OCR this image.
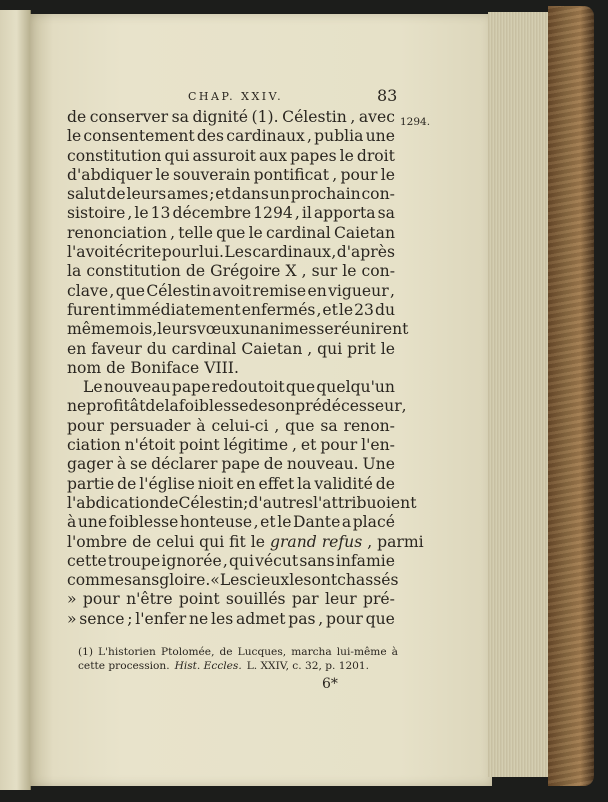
CHAP. XXIV.	83
1294.
de conserver sa dignité (1). Célestin , avec
le consentement des cardinaux , publia une
constitution qui assuroit aux papes le droit
d'abdiquer le souverain pontificat , pour le
salut de leurs ames ; et dans un prochain con-
sistoire , le 13 décembre 1294 , il apporta sa
renonciation , telle que le cardinal Caietan
l'avoit écrite pour lui. Les cardinaux , d'après
la constitution de Grégoire X , sur le con-
clave , que Célestin avoit remise en vigueur ,
furent immédiatement enfermés , et le 23 du
même mois , leurs vœux unanimes se réunirent
en faveur du cardinal Caietan , qui prit le
nom de Boniface VIII.
Le nouveau pape redoutoit que quelqu'un
ne profitât de la foiblesse de son prédécesseur ,
pour persuader à celui-ci , que sa renon-
ciation n'étoit point légitime , et pour l'en-
gager à se déclarer pape de nouveau. Une
partie de l'église nioit en effet la validité de
l'abdication de Célestin ; d'autres l'attribuoient
à une foiblesse honteuse , et le Dante a placé
l'ombre de celui qui fit le grand refus , parmi
cette troupe ignorée , qui vécut sans infamie
comme sans gloire. « Les cieux les ont chassés
» pour n'être point souillés par leur pré-
» sence ; l'enfer ne les admet pas , pour que
(1) L'historien Ptolomée, de Lucques, marcha lui-même à
cette procession. Hist. Eccles. L. XXIV, c. 32, p. 1201.
6*
